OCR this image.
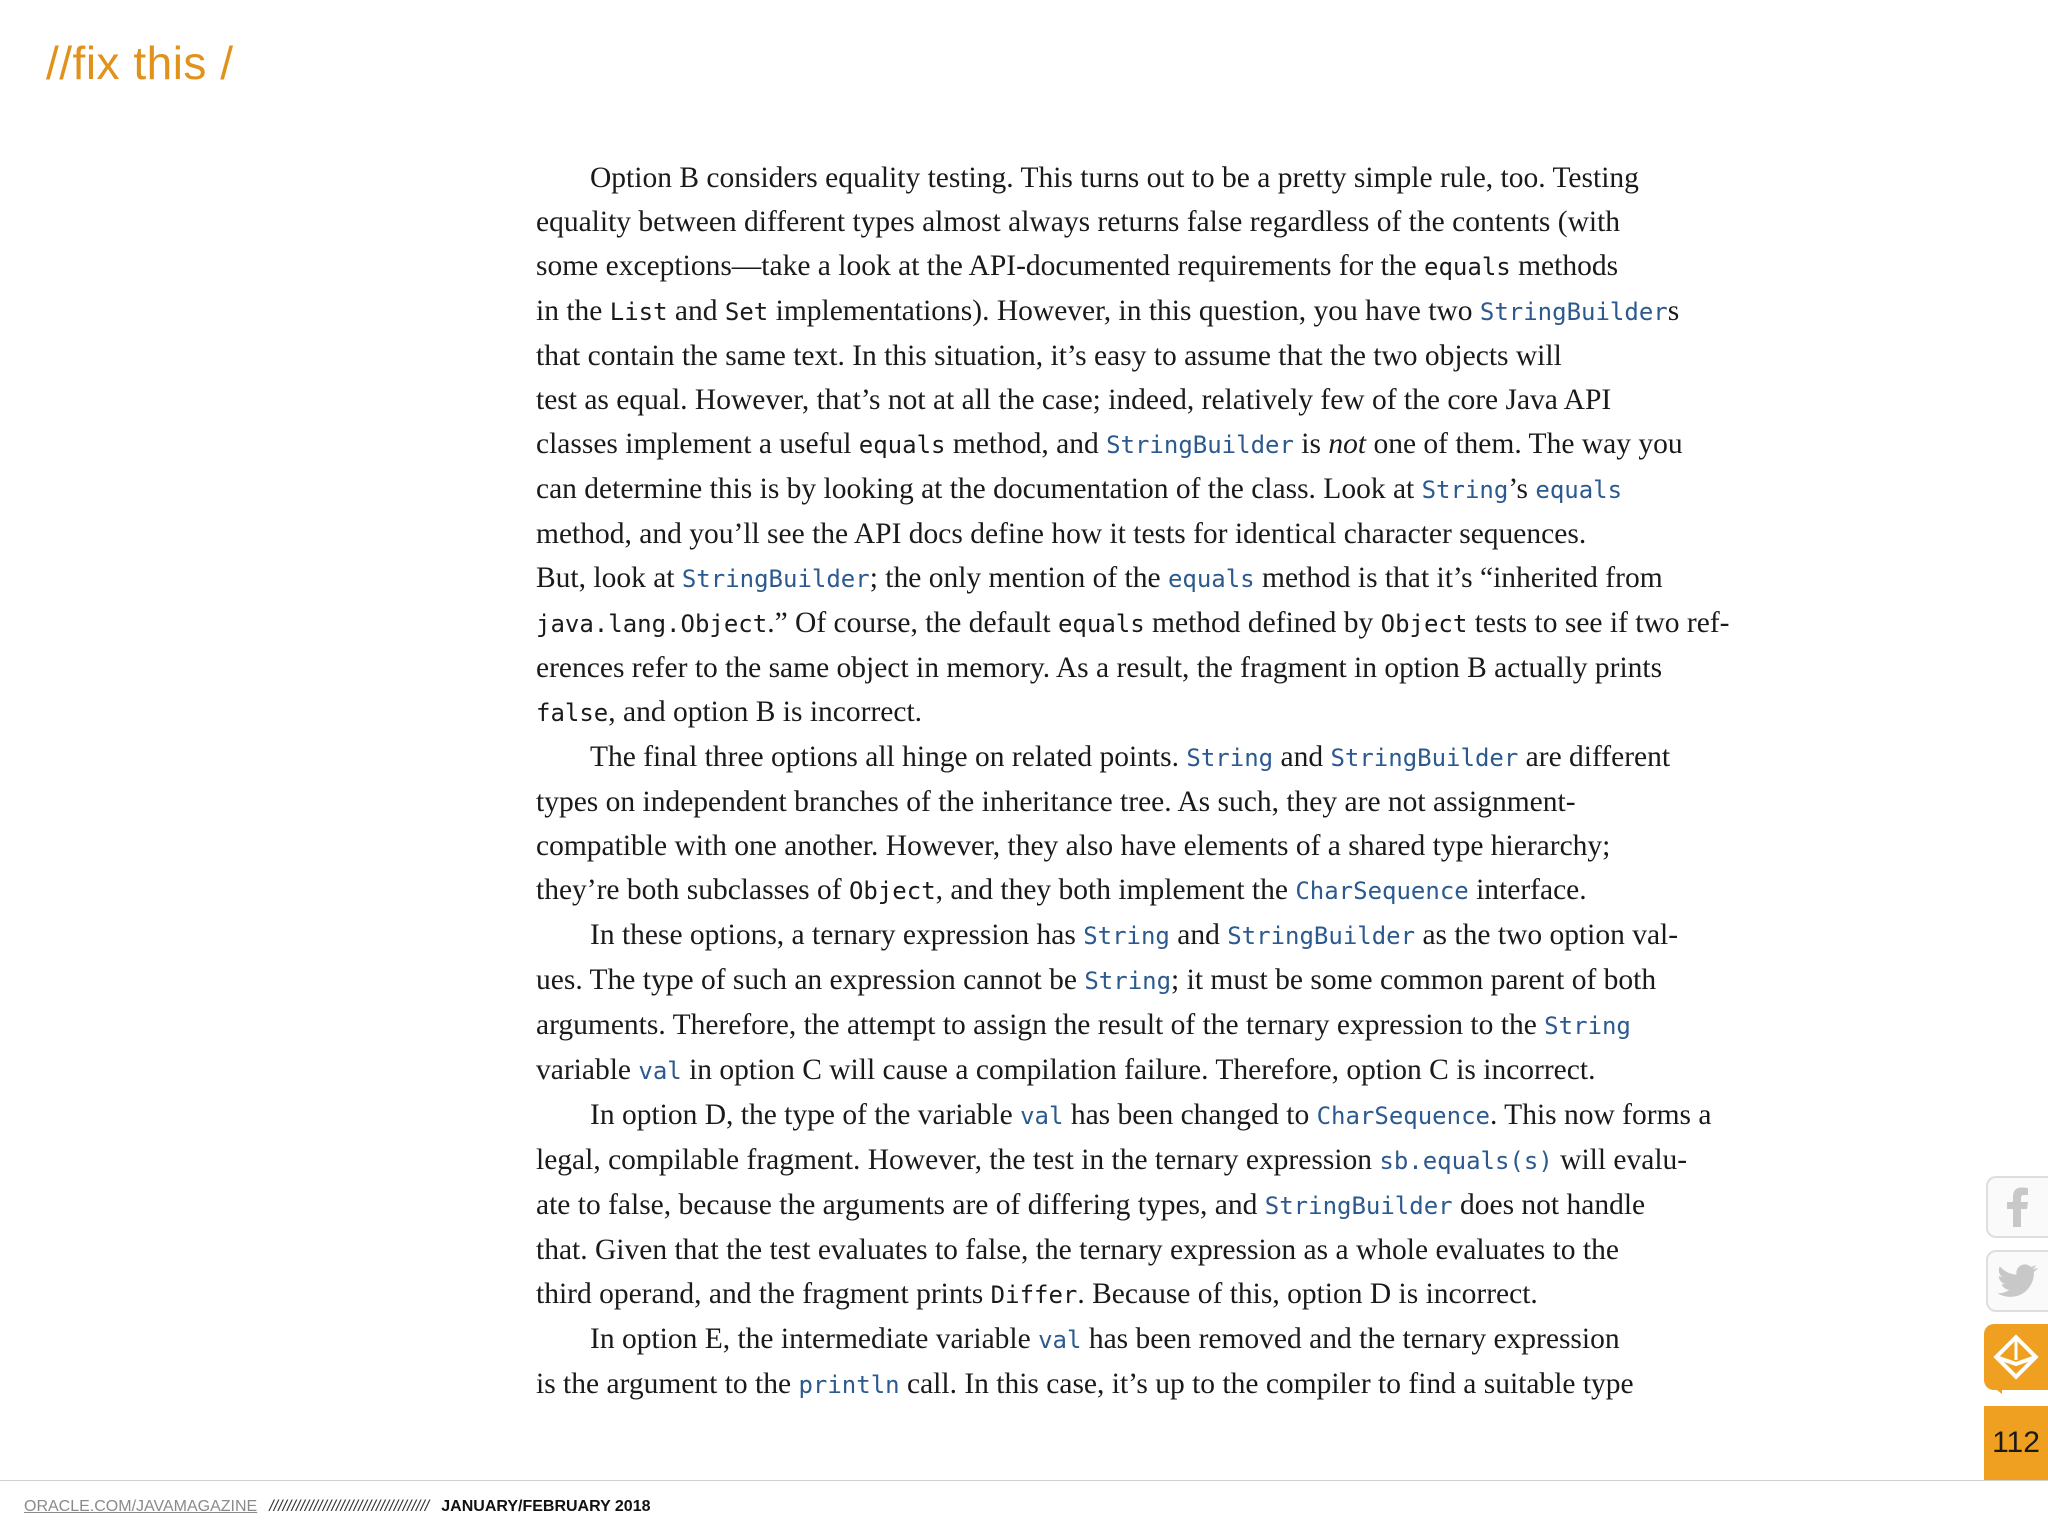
//fix this /
Option B considers equality testing. This turns out to be a pretty simple rule, too. Testing
equality between different types almost always returns false regardless of the contents (with
some exceptions—take a look at the API-documented requirements for the equals methods
in the List and Set implementations). However, in this question, you have two StringBuilders
that contain the same text. In this situation, it’s easy to assume that the two objects will
test as equal. However, that’s not at all the case; indeed, relatively few of the core Java API
classes implement a useful equals method, and StringBuilder is not one of them. The way you
can determine this is by looking at the documentation of the class. Look at String’s equals
method, and you’ll see the API docs define how it tests for identical character sequences.
But, look at StringBuilder; the only mention of the equals method is that it’s “inherited from
java.lang.Object.” Of course, the default equals method defined by Object tests to see if two ref-
erences refer to the same object in memory. As a result, the fragment in option B actually prints
false, and option B is incorrect.
The final three options all hinge on related points. String and StringBuilder are different
types on independent branches of the inheritance tree. As such, they are not assignment-
compatible with one another. However, they also have elements of a shared type hierarchy;
they’re both subclasses of Object, and they both implement the CharSequence interface.
In these options, a ternary expression has String and StringBuilder as the two option val-
ues. The type of such an expression cannot be String; it must be some common parent of both
arguments. Therefore, the attempt to assign the result of the ternary expression to the String
variable val in option C will cause a compilation failure. Therefore, option C is incorrect.
In option D, the type of the variable val has been changed to CharSequence. This now forms a
legal, compilable fragment. However, the test in the ternary expression sb.equals(s) will evalu-
ate to false, because the arguments are of differing types, and StringBuilder does not handle
that. Given that the test evaluates to false, the ternary expression as a whole evaluates to the
third operand, and the fragment prints Differ. Because of this, option D is incorrect.
In option E, the intermediate variable val has been removed and the ternary expression
is the argument to the println call. In this case, it’s up to the compiler to find a suitable type
112
ORACLE.COM/JAVAMAGAZINE //////////////////////////////////// JANUARY/FEBRUARY 2018
